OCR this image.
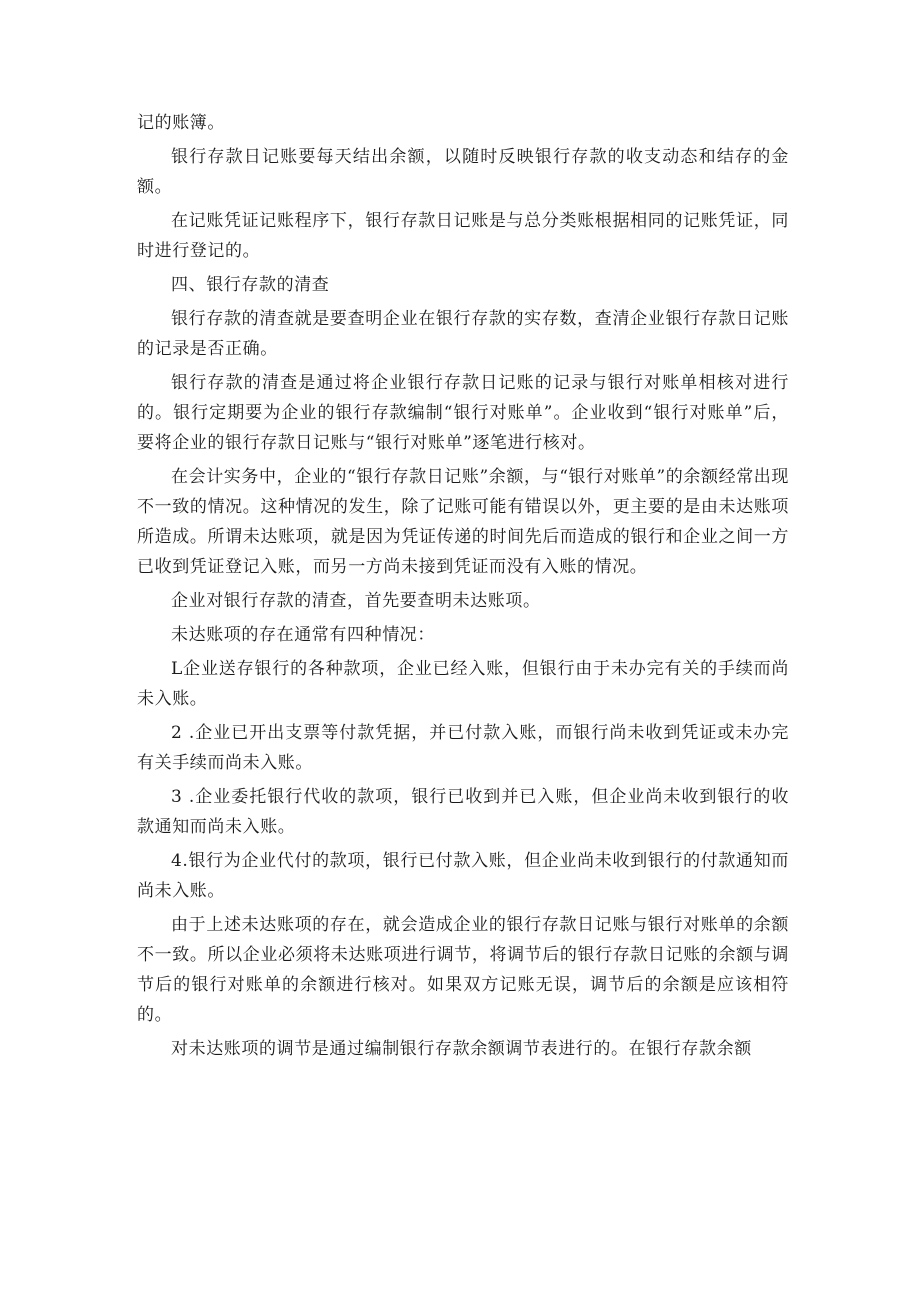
记的账簿。

银行存款日记账要每天结出余额，以随时反映银行存款的收支动态和结存的金额。

在记账凭证记账程序下，银行存款日记账是与总分类账根据相同的记账凭证，同时进行登记的。

四、银行存款的清查

银行存款的清查就是要查明企业在银行存款的实存数，查清企业银行存款日记账的记录是否正确。

银行存款的清查是通过将企业银行存款日记账的记录与银行对账单相核对进行的。银行定期要为企业的银行存款编制“银行对账单”。企业收到“银行对账单”后，要将企业的银行存款日记账与“银行对账单”逐笔进行核对。

在会计实务中，企业的“银行存款日记账”余额，与“银行对账单”的余额经常出现不一致的情况。这种情况的发生，除了记账可能有错误以外，更主要的是由未达账项所造成。所谓未达账项，就是因为凭证传递的时间先后而造成的银行和企业之间一方已收到凭证登记入账，而另一方尚未接到凭证而没有入账的情况。

企业对银行存款的清查，首先要查明未达账项。

未达账项的存在通常有四种情况：

L企业送存银行的各种款项，企业已经入账，但银行由于未办完有关的手续而尚未入账。

2 .企业已开出支票等付款凭据，并已付款入账，而银行尚未收到凭证或未办完有关手续而尚未入账。

3 .企业委托银行代收的款项，银行已收到并已入账，但企业尚未收到银行的收款通知而尚未入账。

4.银行为企业代付的款项，银行已付款入账，但企业尚未收到银行的付款通知而尚未入账。

由于上述未达账项的存在，就会造成企业的银行存款日记账与银行对账单的余额不一致。所以企业必须将未达账项进行调节，将调节后的银行存款日记账的余额与调节后的银行对账单的余额进行核对。如果双方记账无误，调节后的余额是应该相符的。

对未达账项的调节是通过编制银行存款余额调节表进行的。在银行存款余额
